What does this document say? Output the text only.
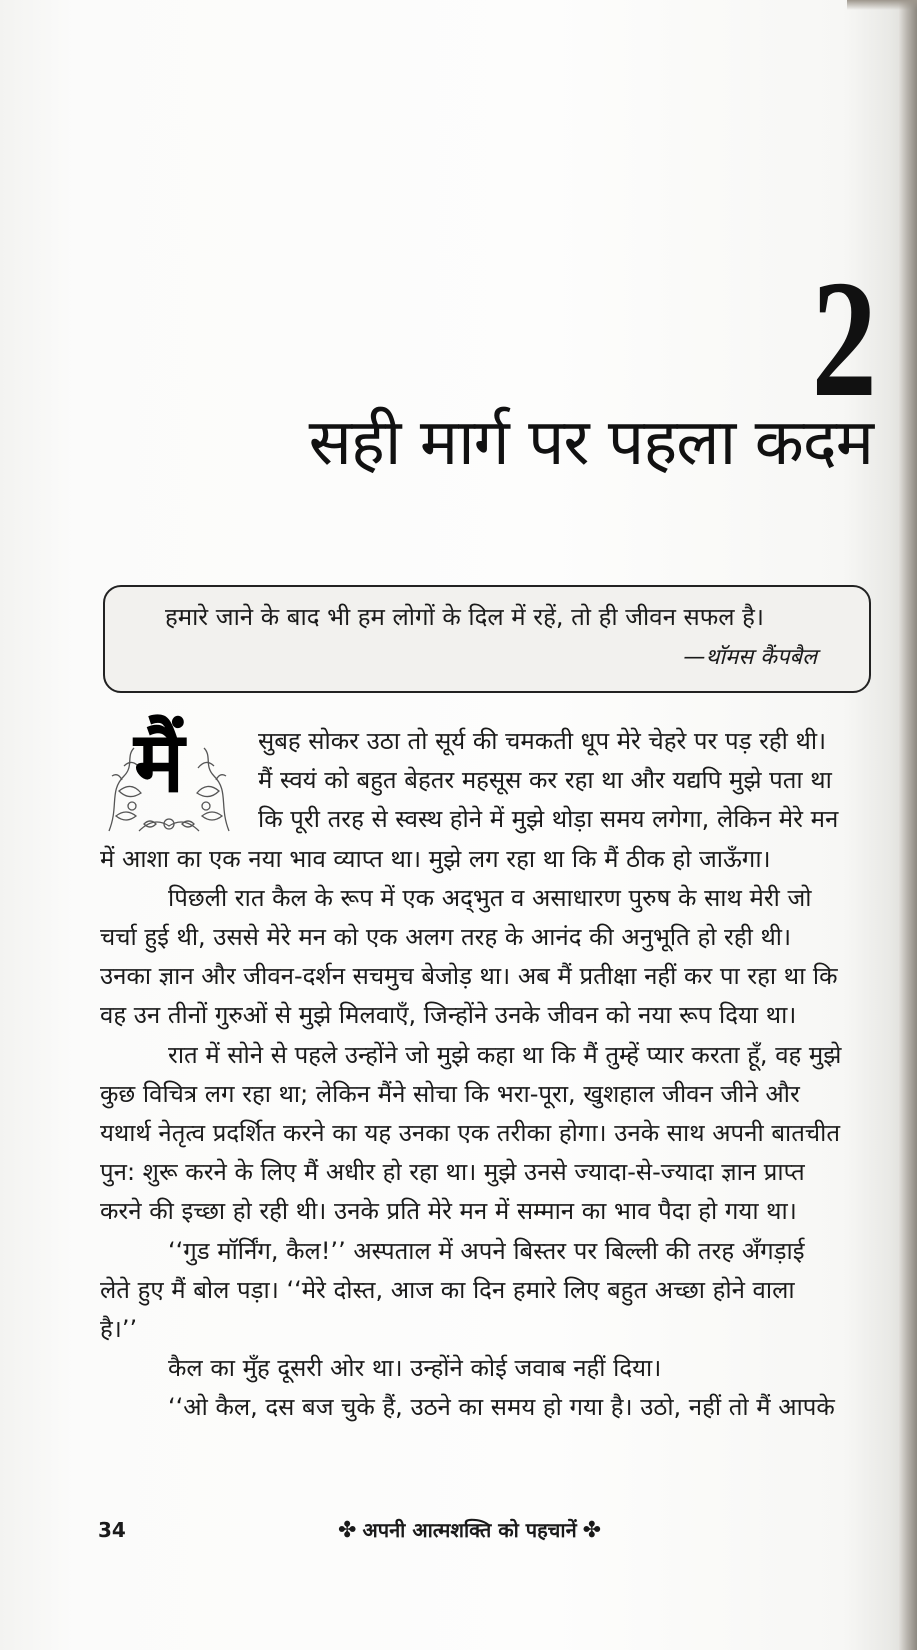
2
सही मार्ग पर पहला कदम
हमारे जाने के बाद भी हम लोगों के दिल में रहें, तो ही जीवन सफल है।
—थॉमस कैंपबैल
मैं	सुबह सोकर उठा तो सूर्य की चमकती धूप मेरे चेहरे पर पड़ रही थी।

मैं स्वयं को बहुत बेहतर महसूस कर रहा था और यद्यपि मुझे पता था

कि पूरी तरह से स्वस्थ होने में मुझे थोड़ा समय लगेगा, लेकिन मेरे मन

में आशा का एक नया भाव व्याप्त था। मुझे लग रहा था कि मैं ठीक हो जाऊँगा।

पिछली रात कैल के रूप में एक अद्‌भुत व असाधारण पुरुष के साथ मेरी जो

चर्चा हुई थी, उससे मेरे मन को एक अलग तरह के आनंद की अनुभूति हो रही थी।

उनका ज्ञान और जीवन-दर्शन सचमुच बेजोड़ था। अब मैं प्रतीक्षा नहीं कर पा रहा था कि

वह उन तीनों गुरुओं से मुझे मिलवाएँ, जिन्होंने उनके जीवन को नया रूप दिया था।

रात में सोने से पहले उन्होंने जो मुझे कहा था कि मैं तुम्हें प्यार करता हूँ, वह मुझे

कुछ विचित्र लग रहा था; लेकिन मैंने सोचा कि भरा-पूरा, खुशहाल जीवन जीने और

यथार्थ नेतृत्व प्रदर्शित करने का यह उनका एक तरीका होगा। उनके साथ अपनी बातचीत

पुन: शुरू करने के लिए मैं अधीर हो रहा था। मुझे उनसे ज्यादा-से-ज्यादा ज्ञान प्राप्त

करने की इच्छा हो रही थी। उनके प्रति मेरे मन में सम्मान का भाव पैदा हो गया था।

‘‘गुड मॉर्निंग, कैल!’’ अस्पताल में अपने बिस्तर पर बिल्ली की तरह अँगड़ाई

लेते हुए मैं बोल पड़ा। ‘‘मेरे दोस्त, आज का दिन हमारे लिए बहुत अच्छा होने वाला

है।’’

कैल का मुँह दूसरी ओर था। उन्होंने कोई जवाब नहीं दिया।

‘‘ओ कैल, दस बज चुके हैं, उठने का समय हो गया है। उठो, नहीं तो मैं आपके

34	✤ अपनी आत्मशक्ति को पहचानें ✤
